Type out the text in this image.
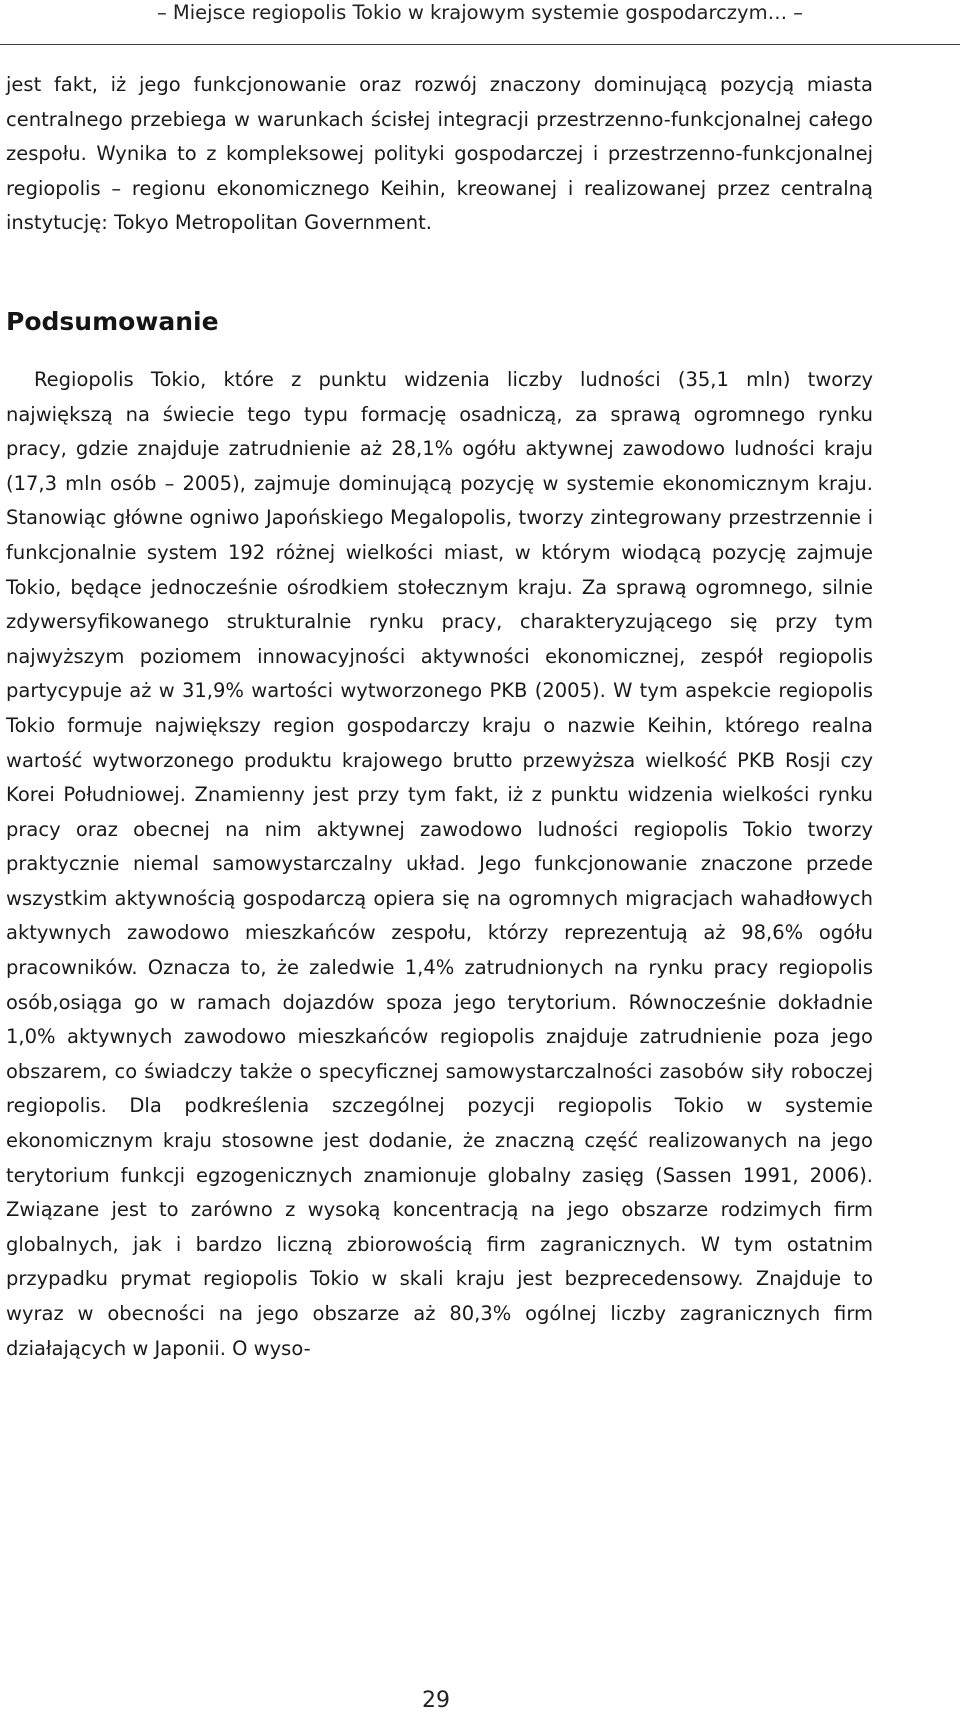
– Miejsce regiopolis Tokio w krajowym systemie gospodarczym… –

jest fakt, iż jego funkcjonowanie oraz rozwój znaczony dominującą pozycją miasta centralnego przebiega w warunkach ścisłej integracji przestrzenno-funkcjonalnej całego zespołu. Wynika to z kompleksowej polityki gospodarczej i przestrzenno-funkcjonalnej regiopolis – regionu ekonomicznego Keihin, kreowanej i realizowanej przez centralną instytucję: Tokyo Metropolitan Government.

Podsumowanie

Regiopolis Tokio, które z punktu widzenia liczby ludności (35,1 mln) tworzy największą na świecie tego typu formację osadniczą, za sprawą ogromnego rynku pracy, gdzie znajduje zatrudnienie aż 28,1% ogółu aktywnej zawodowo ludności kraju (17,3 mln osób – 2005), zajmuje dominującą pozycję w systemie ekonomicznym kraju. Stanowiąc główne ogniwo Japońskiego Megalopolis, tworzy zintegrowany przestrzennie i funkcjonalnie system 192 różnej wielkości miast, w którym wiodącą pozycję zajmuje Tokio, będące jednocześnie ośrodkiem stołecznym kraju. Za sprawą ogromnego, silnie zdywersyfikowanego strukturalnie rynku pracy, charakteryzującego się przy tym najwyższym poziomem innowacyjności aktywności ekonomicznej, zespół regiopolis partycypuje aż w 31,9% wartości wytworzonego PKB (2005). W tym aspekcie regiopolis Tokio formuje największy region gospodarczy kraju o nazwie Keihin, którego realna wartość wytworzonego produktu krajowego brutto przewyższa wielkość PKB Rosji czy Korei Południowej. Znamienny jest przy tym fakt, iż z punktu widzenia wielkości rynku pracy oraz obecnej na nim aktywnej zawodowo ludności regiopolis Tokio tworzy praktycznie niemal samowystarczalny układ. Jego funkcjonowanie znaczone przede wszystkim aktywnością gospodarczą opiera się na ogromnych migracjach wahadłowych aktywnych zawodowo mieszkańców zespołu, którzy reprezentują aż 98,6% ogółu pracowników. Oznacza to, że zaledwie 1,4% zatrudnionych na rynku pracy regiopolis osób,osiąga go w ramach dojazdów spoza jego terytorium. Równocześnie dokładnie 1,0% aktywnych zawodowo mieszkańców regiopolis znajduje zatrudnienie poza jego obszarem, co świadczy także o specyficznej samowystarczalności zasobów siły roboczej regiopolis. Dla podkreślenia szczególnej pozycji regiopolis Tokio w systemie ekonomicznym kraju stosowne jest dodanie, że znaczną część realizowanych na jego terytorium funkcji egzogenicznych znamionuje globalny zasięg (Sassen 1991, 2006). Związane jest to zarówno z wysoką koncentracją na jego obszarze rodzimych firm globalnych, jak i bardzo liczną zbiorowością firm zagranicznych. W tym ostatnim przypadku prymat regiopolis Tokio w skali kraju jest bezprecedensowy. Znajduje to wyraz w obecności na jego obszarze aż 80,3% ogólnej liczby zagranicznych firm działających w Japonii. O wyso-

29
